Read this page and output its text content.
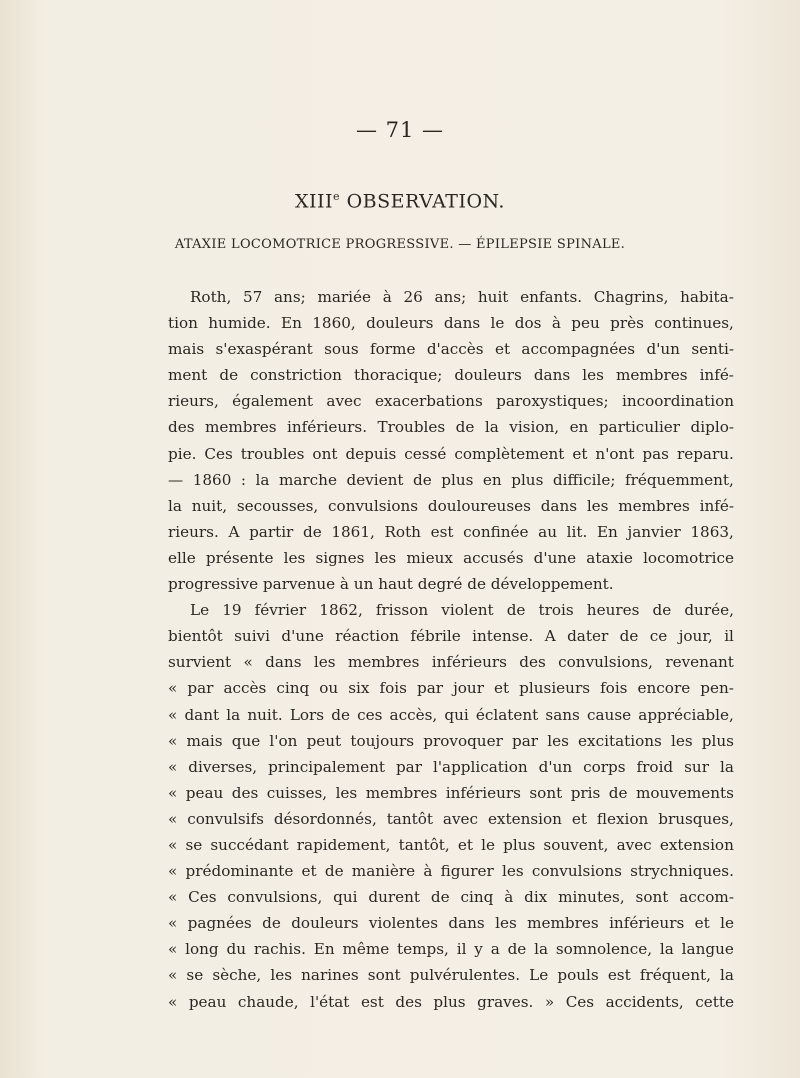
— 71 —
XIIIe OBSERVATION.
ATAXIE LOCOMOTRICE PROGRESSIVE. — ÉPILEPSIE SPINALE.
Roth, 57 ans; mariée à 26 ans; huit enfants. Chagrins, habita-
tion humide. En 1860, douleurs dans le dos à peu près continues,
mais s'exaspérant sous forme d'accès et accompagnées d'un senti-
ment de constriction thoracique; douleurs dans les membres infé-
rieurs, également avec exacerbations paroxystiques; incoordination
des membres inférieurs. Troubles de la vision, en particulier diplo-
pie. Ces troubles ont depuis cessé complètement et n'ont pas reparu.
— 1860 : la marche devient de plus en plus difficile; fréquemment,
la nuit, secousses, convulsions douloureuses dans les membres infé-
rieurs. A partir de 1861, Roth est confinée au lit. En janvier 1863,
elle présente les signes les mieux accusés d'une ataxie locomotrice
progressive parvenue à un haut degré de développement.
Le 19 février 1862, frisson violent de trois heures de durée,
bientôt suivi d'une réaction fébrile intense. A dater de ce jour, il
survient « dans les membres inférieurs des convulsions, revenant
« par accès cinq ou six fois par jour et plusieurs fois encore pen-
« dant la nuit. Lors de ces accès, qui éclatent sans cause appréciable,
« mais que l'on peut toujours provoquer par les excitations les plus
« diverses, principalement par l'application d'un corps froid sur la
« peau des cuisses, les membres inférieurs sont pris de mouvements
« convulsifs désordonnés, tantôt avec extension et flexion brusques,
« se succédant rapidement, tantôt, et le plus souvent, avec extension
« prédominante et de manière à figurer les convulsions strychniques.
« Ces convulsions, qui durent de cinq à dix minutes, sont accom-
« pagnées de douleurs violentes dans les membres inférieurs et le
« long du rachis. En même temps, il y a de la somnolence, la langue
« se sèche, les narines sont pulvérulentes. Le pouls est fréquent, la
« peau chaude, l'état est des plus graves. » Ces accidents, cette
